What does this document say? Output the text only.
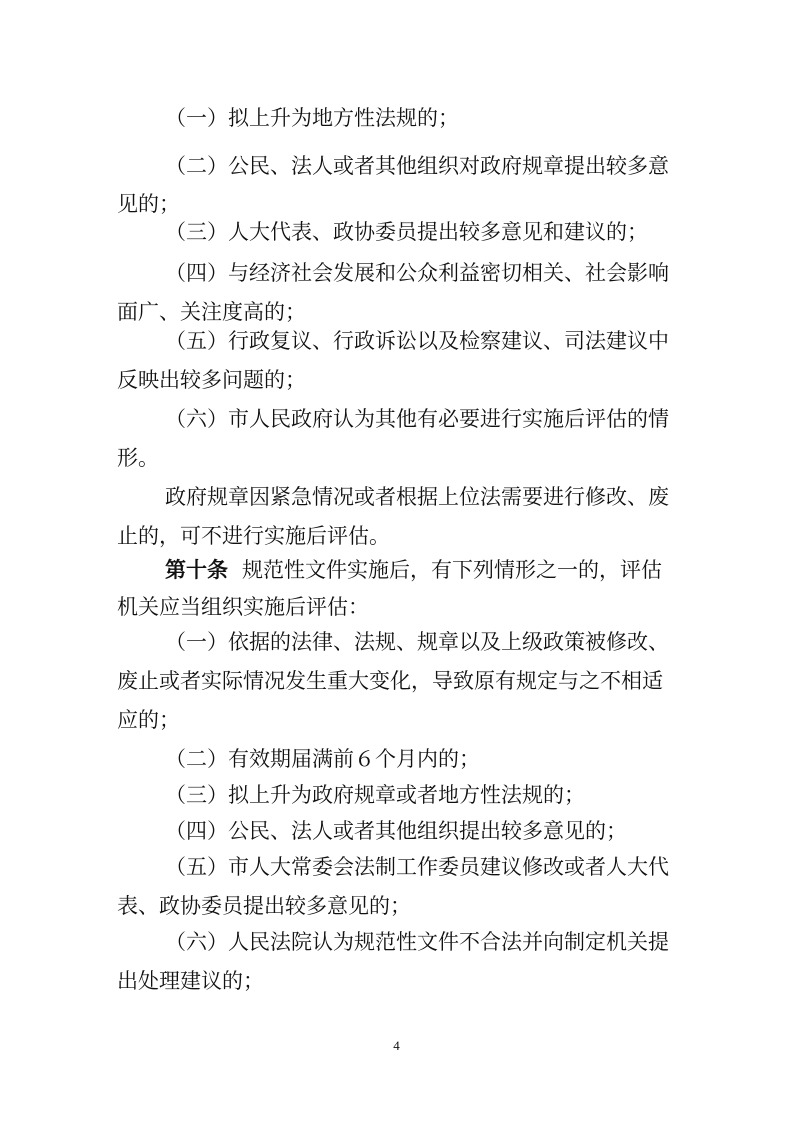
（一）拟上升为地方性法规的；
（二）公民、法人或者其他组织对政府规章提出较多意
见的；
（三）人大代表、政协委员提出较多意见和建议的；
（四）与经济社会发展和公众利益密切相关、社会影响
面广、关注度高的；
（五）行政复议、行政诉讼以及检察建议、司法建议中
反映出较多问题的；
（六）市人民政府认为其他有必要进行实施后评估的情
形。
政府规章因紧急情况或者根据上位法需要进行修改、废
止的，可不进行实施后评估。
第十条 规范性文件实施后，有下列情形之一的，评估
机关应当组织实施后评估：
（一）依据的法律、法规、规章以及上级政策被修改、
废止或者实际情况发生重大变化，导致原有规定与之不相适
应的；
（二）有效期届满前６个月内的；
（三）拟上升为政府规章或者地方性法规的；
（四）公民、法人或者其他组织提出较多意见的；
（五）市人大常委会法制工作委员建议修改或者人大代
表、政协委员提出较多意见的；
（六）人民法院认为规范性文件不合法并向制定机关提
出处理建议的；
4
